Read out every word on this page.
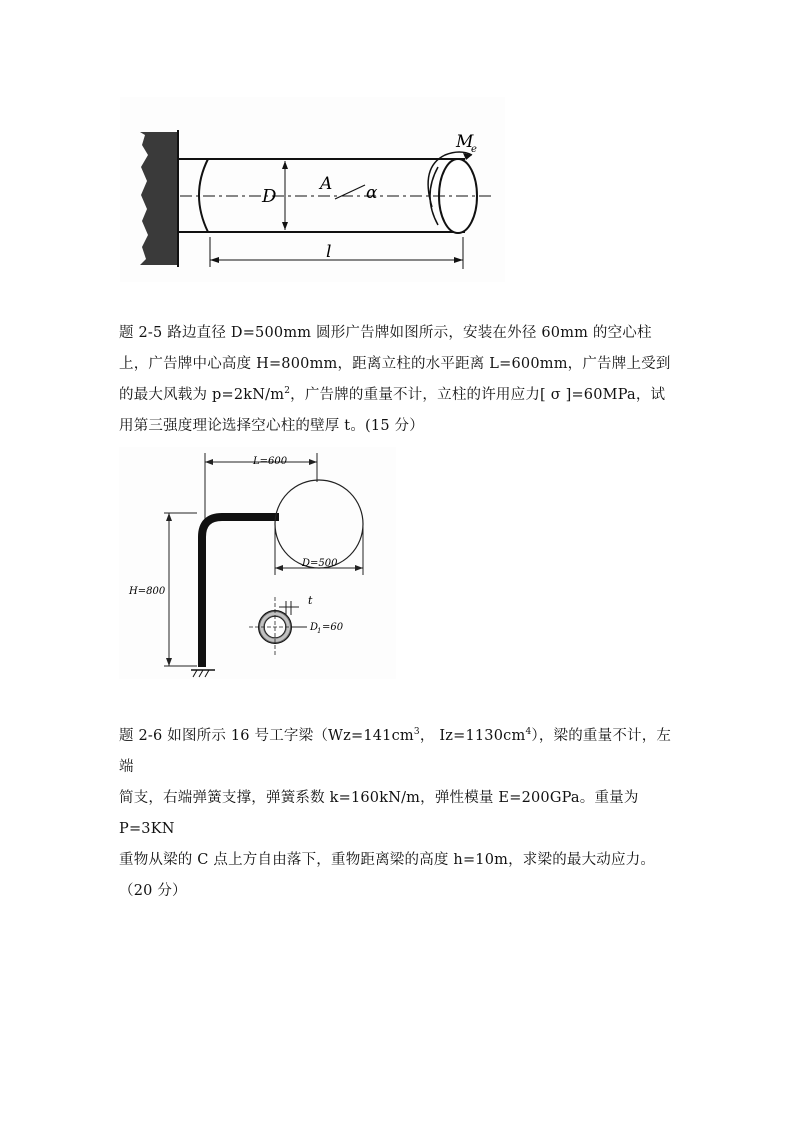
M
e
D
A α
l

题 2-5 路边直径 D=500mm 圆形广告牌如图所示，安装在外径 60mm 的空心柱
上，广告牌中心高度 H=800mm，距离立柱的水平距离 L=600mm，广告牌上受到
的最大风载为 $p=2kN/m^2$，广告牌的重量不计，立柱的许用应力[ σ ]=60MPa，试
用第三强度理论选择空心柱的壁厚 t。(15 分）

L=600
D=500
H=800
t
D
1 =60

题 2-6 如图所示 16 号工字梁（$Wz=141cm^3$， $Iz=1130cm^4$），梁的重量不计，左端
简支，右端弹簧支撑，弹簧系数 k=160kN/m，弹性模量 E=200GPa。重量为 P=3KN
重物从梁的 C 点上方自由落下，重物距离梁的高度 h=10m，求梁的最大动应力。
（20 分）
